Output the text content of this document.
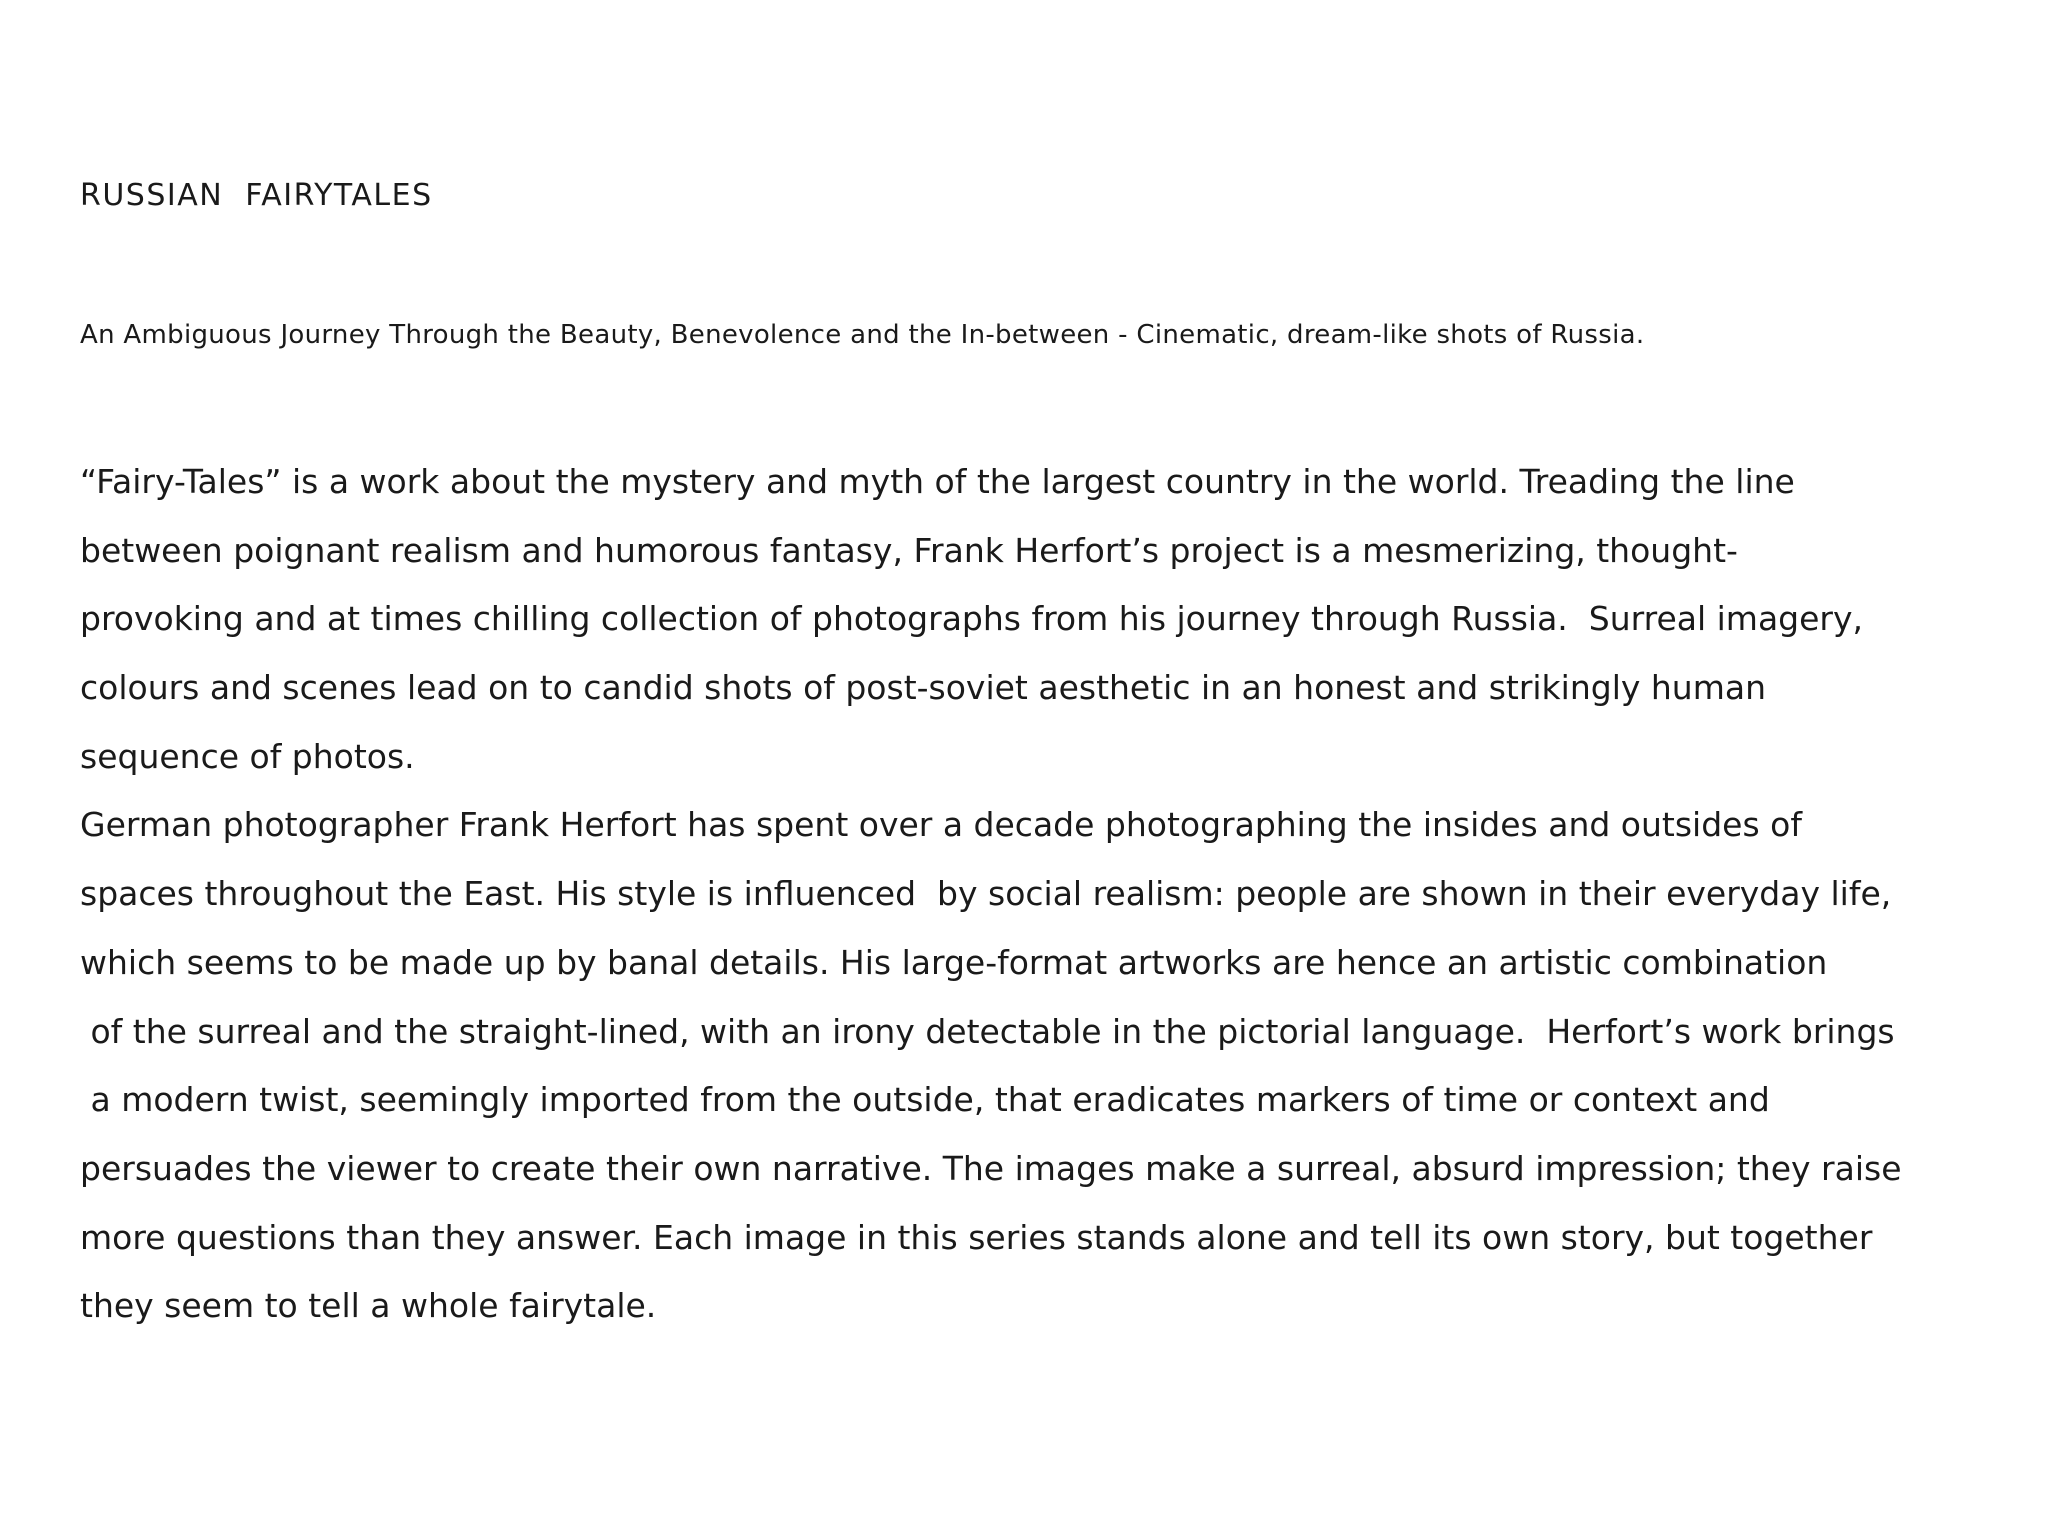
RUSSIAN  FAIRYTALES
An Ambiguous Journey Through the Beauty, Benevolence and the In-between - Cinematic, dream-like shots of Russia.
“Fairy-Tales” is a work about the mystery and myth of the largest country in the world. Treading the line
between poignant realism and humorous fantasy, Frank Herfort’s project is a mesmerizing, thought-
provoking and at times chilling collection of photographs from his journey through Russia.  Surreal imagery,
colours and scenes lead on to candid shots of post-soviet aesthetic in an honest and strikingly human
sequence of photos.
German photographer Frank Herfort has spent over a decade photographing the insides and outsides of
spaces throughout the East. His style is influenced  by social realism: people are shown in their everyday life,
which seems to be made up by banal details. His large-format artworks are hence an artistic combination
of the surreal and the straight-lined, with an irony detectable in the pictorial language.  Herfort’s work brings
a modern twist, seemingly imported from the outside, that eradicates markers of time or context and
persuades the viewer to create their own narrative. The images make a surreal, absurd impression; they raise
more questions than they answer. Each image in this series stands alone and tell its own story, but together
they seem to tell a whole fairytale.
